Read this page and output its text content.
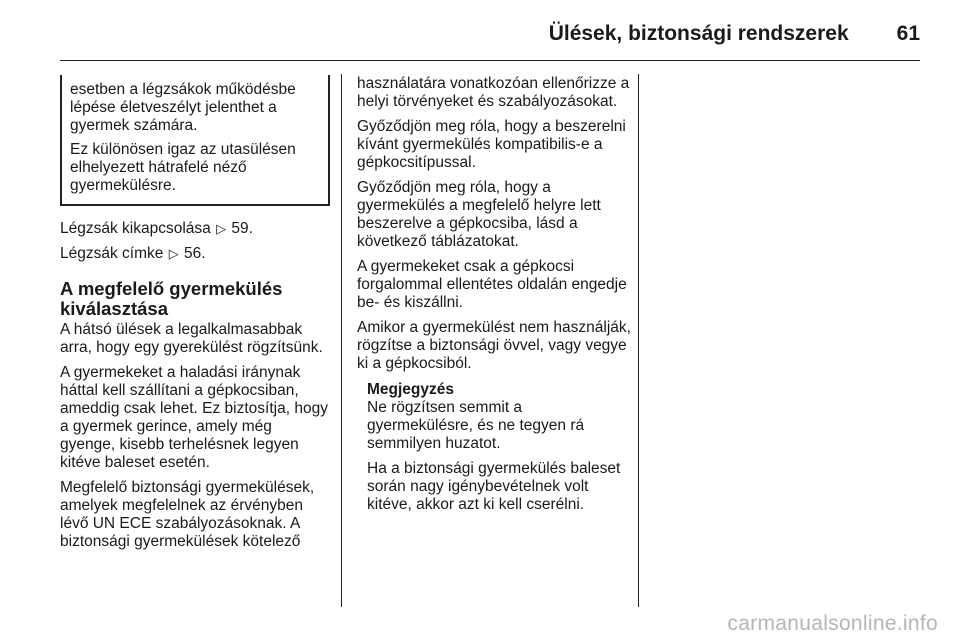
Ülések, biztonsági rendszerek 61

esetben a légzsákok működésbe lépése életveszélyt jelenthet a gyermek számára.

Ez különösen igaz az utasülésen elhelyezett hátrafelé néző gyermekülésre.

Légzsák kikapcsolása ▷ 59.

Légzsák címke ▷ 56.

A megfelelő gyermekülés kiválasztása

A hátsó ülések a legalkalmasabbak arra, hogy egy gyerekülést rögzítsünk.

A gyermekeket a haladási iránynak háttal kell szállítani a gépkocsiban, ameddig csak lehet. Ez biztosítja, hogy a gyermek gerince, amely még gyenge, kisebb terhelésnek legyen kitéve baleset esetén.

Megfelelő biztonsági gyermekülések, amelyek megfelelnek az érvényben lévő UN ECE szabályozásoknak. A biztonsági gyermekülések kötelező

használatára vonatkozóan ellenőrizze a helyi törvényeket és szabályozásokat.

Győződjön meg róla, hogy a beszerelni kívánt gyermekülés kompatibilis-e a gépkocsitípussal.

Győződjön meg róla, hogy a gyermekülés a megfelelő helyre lett beszerelve a gépkocsiba, lásd a következő táblázatokat.

A gyermekeket csak a gépkocsi forgalommal ellentétes oldalán engedje be- és kiszállni.

Amikor a gyermekülést nem használják, rögzítse a biztonsági övvel, vagy vegye ki a gépkocsiból.

Megjegyzés

Ne rögzítsen semmit a gyermekülésre, és ne tegyen rá semmilyen huzatot.

Ha a biztonsági gyermekülés baleset során nagy igénybevételnek volt kitéve, akkor azt ki kell cserélni.

carmanualsonline.info
